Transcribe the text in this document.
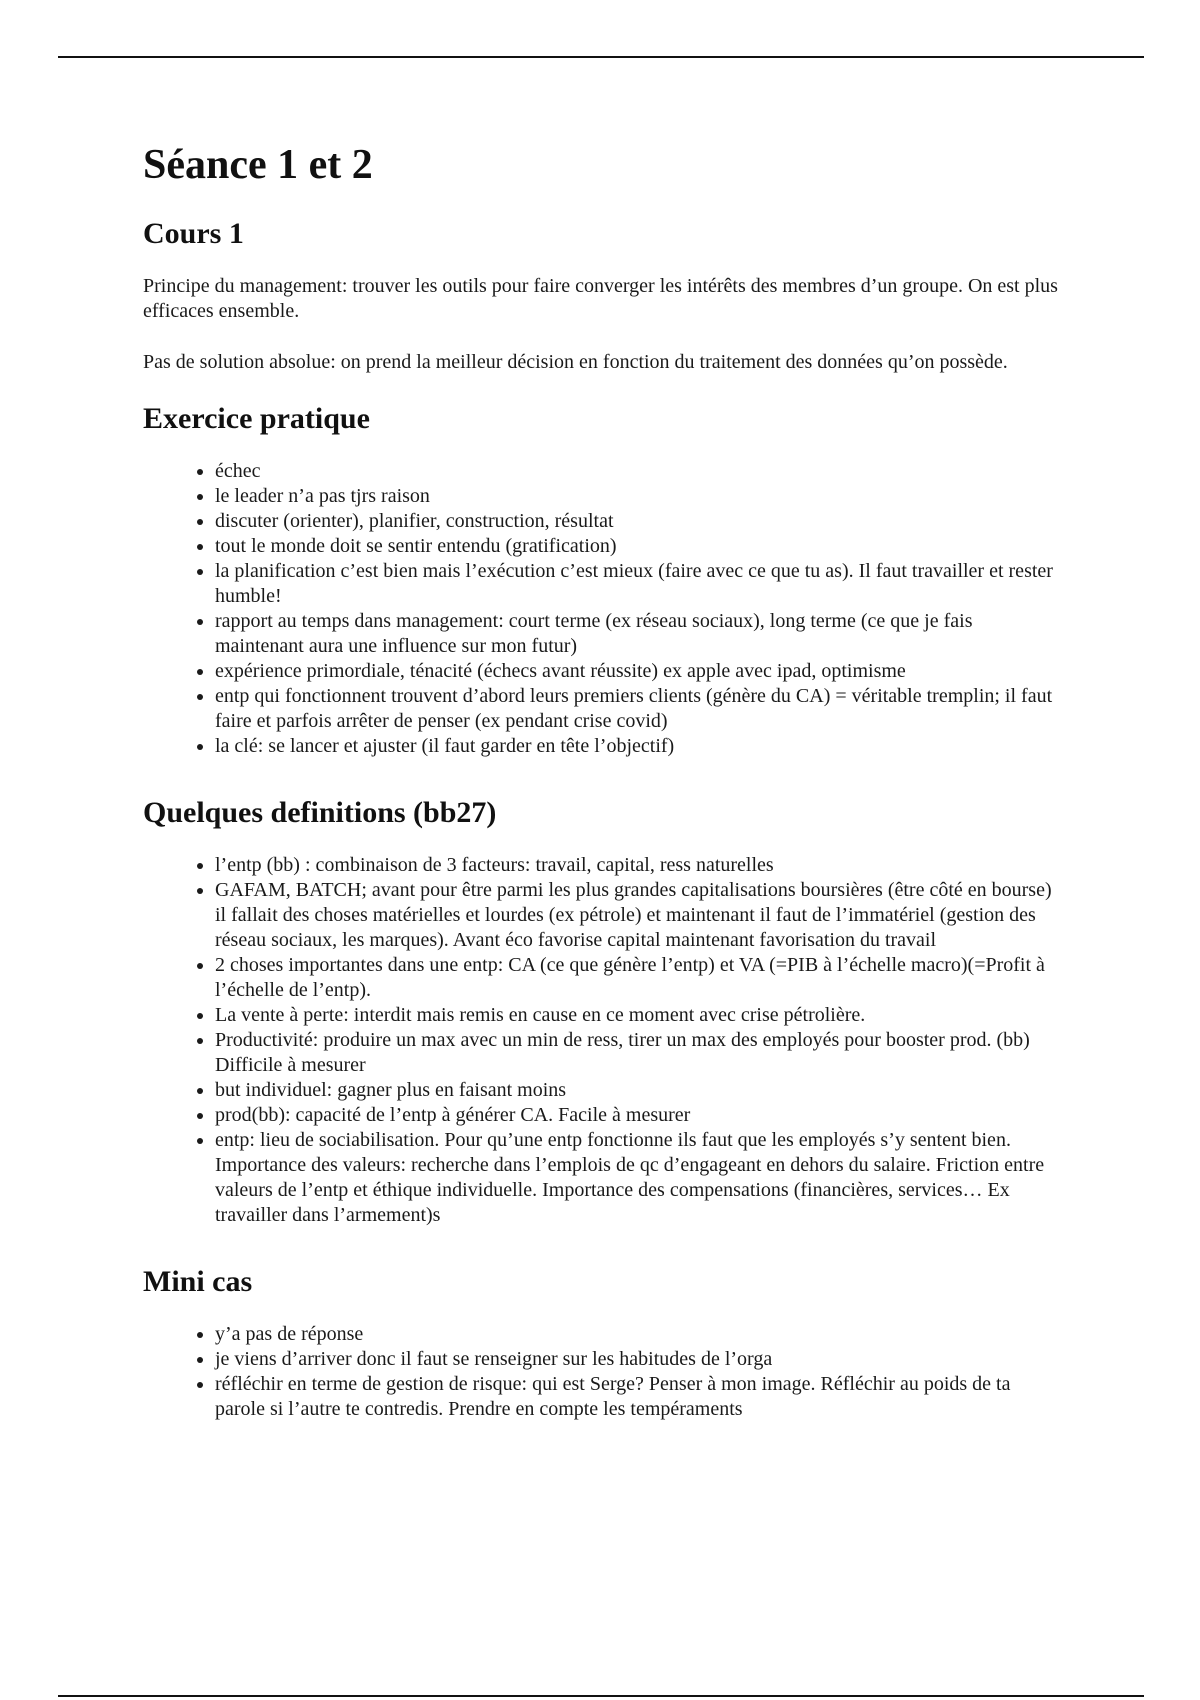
Séance 1 et 2
Cours 1

Principe du management: trouver les outils pour faire converger les intérêts des membres d’un groupe. On est plus efficaces ensemble.

Pas de solution absolue: on prend la meilleur décision en fonction du traitement des données qu’on possède.

Exercice pratique
• échec
• le leader n’a pas tjrs raison
• discuter (orienter), planifier, construction, résultat
• tout le monde doit se sentir entendu (gratification)
• la planification c’est bien mais l’exécution c’est mieux (faire avec ce que tu as). Il faut travailler et rester humble!
• rapport au temps dans management: court terme (ex réseau sociaux), long terme (ce que je fais maintenant aura une influence sur mon futur)
• expérience primordiale, ténacité (échecs avant réussite) ex apple avec ipad, optimisme
• entp qui fonctionnent trouvent d’abord leurs premiers clients (génère du CA) = véritable tremplin; il faut faire et parfois arrêter de penser (ex pendant crise covid)
• la clé: se lancer et ajuster (il faut garder en tête l’objectif)
Quelques definitions (bb27)
• l’entp (bb) : combinaison de 3 facteurs: travail, capital, ress naturelles
• GAFAM, BATCH; avant pour être parmi les plus grandes capitalisations boursières (être côté en bourse) il fallait des choses matérielles et lourdes (ex pétrole) et maintenant il faut de l’immatériel (gestion des réseau sociaux, les marques). Avant éco favorise capital maintenant favorisation du travail
• 2 choses importantes dans une entp: CA (ce que génère l’entp) et VA (=PIB à l’échelle macro)(=Profit à l’échelle de l’entp).
• La vente à perte: interdit mais remis en cause en ce moment avec crise pétrolière.
• Productivité: produire un max avec un min de ress, tirer un max des employés pour booster prod. (bb) Difficile à mesurer
• but individuel: gagner plus en faisant moins
• prod(bb): capacité de l’entp à générer CA. Facile à mesurer
• entp: lieu de sociabilisation. Pour qu’une entp fonctionne ils faut que les employés s’y sentent bien. Importance des valeurs: recherche dans l’emplois de qc d’engageant en dehors du salaire. Friction entre valeurs de l’entp et éthique individuelle. Importance des compensations (financières, services… Ex travailler dans l’armement)s
Mini cas
• y’a pas de réponse
• je viens d’arriver donc il faut se renseigner sur les habitudes de l’orga
• réfléchir en terme de gestion de risque: qui est Serge? Penser à mon image. Réfléchir au poids de ta parole si l’autre te contredis. Prendre en compte les tempéraments
